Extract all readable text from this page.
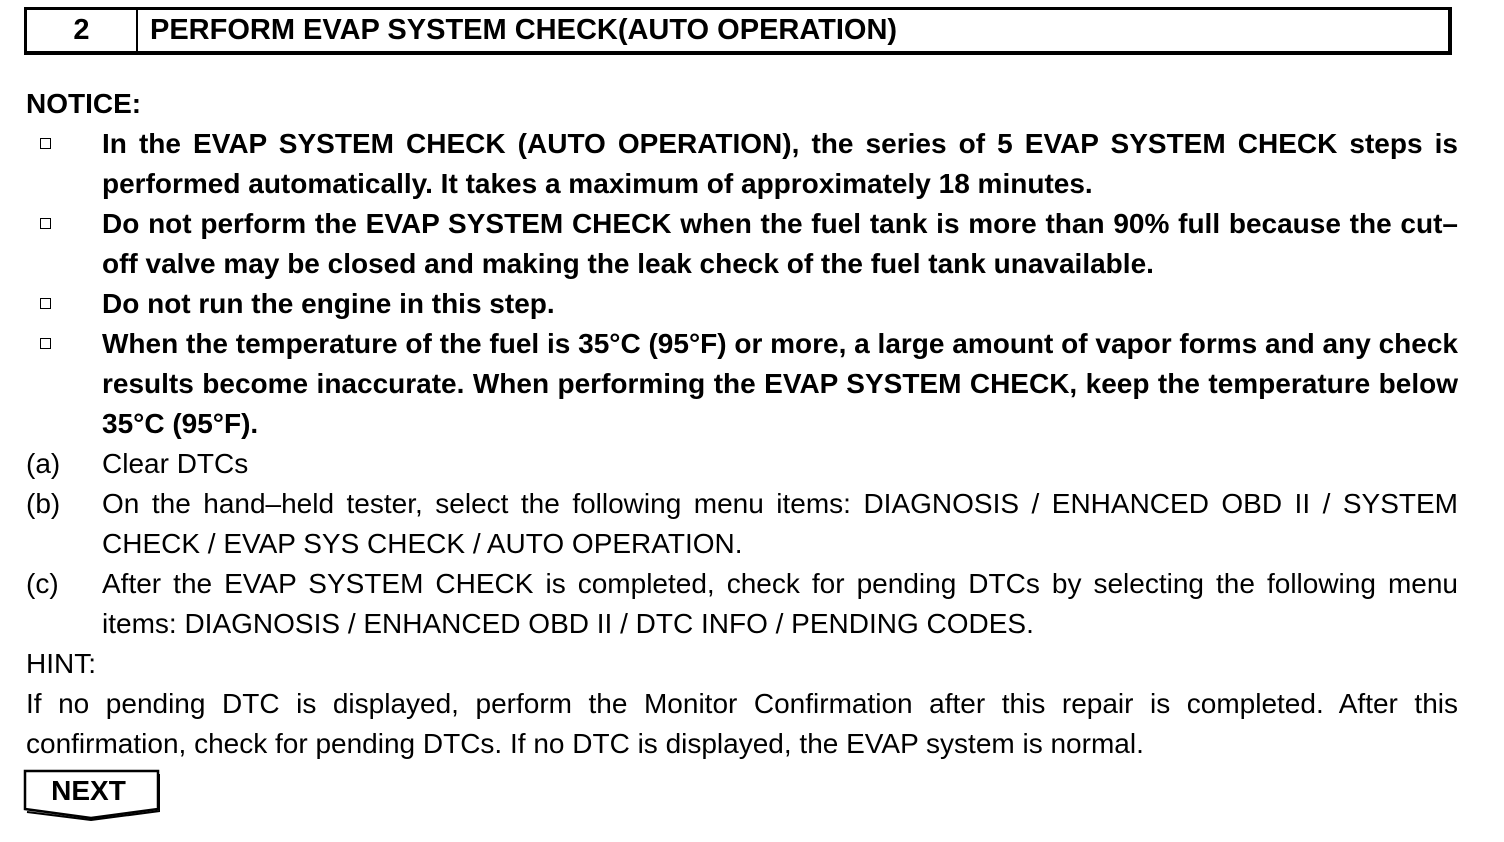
2	PERFORM EVAP SYSTEM CHECK(AUTO OPERATION)
NOTICE:
In the EVAP SYSTEM CHECK (AUTO OPERATION), the series of 5 EVAP SYSTEM CHECK steps is performed automatically. It takes a maximum of approximately 18 minutes.
Do not perform the EVAP SYSTEM CHECK when the fuel tank is more than 90% full because the cut–off valve may be closed and making the leak check of the fuel tank unavailable.
Do not run the engine in this step.
When the temperature of the fuel is 35°C (95°F) or more, a large amount of vapor forms and any check results become inaccurate. When performing the EVAP SYSTEM CHECK, keep the temperature below 35°C (95°F).
(a)	Clear DTCs
(b)	On the hand–held tester, select the following menu items: DIAGNOSIS / ENHANCED OBD II / SYSTEM CHECK / EVAP SYS CHECK / AUTO OPERATION.
(c)	After the EVAP SYSTEM CHECK is completed, check for pending DTCs by selecting the following menu items: DIAGNOSIS / ENHANCED OBD II / DTC INFO / PENDING CODES.
HINT:
If no pending DTC is displayed, perform the Monitor Confirmation after this repair is completed. After this confirmation, check for pending DTCs. If no DTC is displayed, the EVAP system is normal.
NEXT
